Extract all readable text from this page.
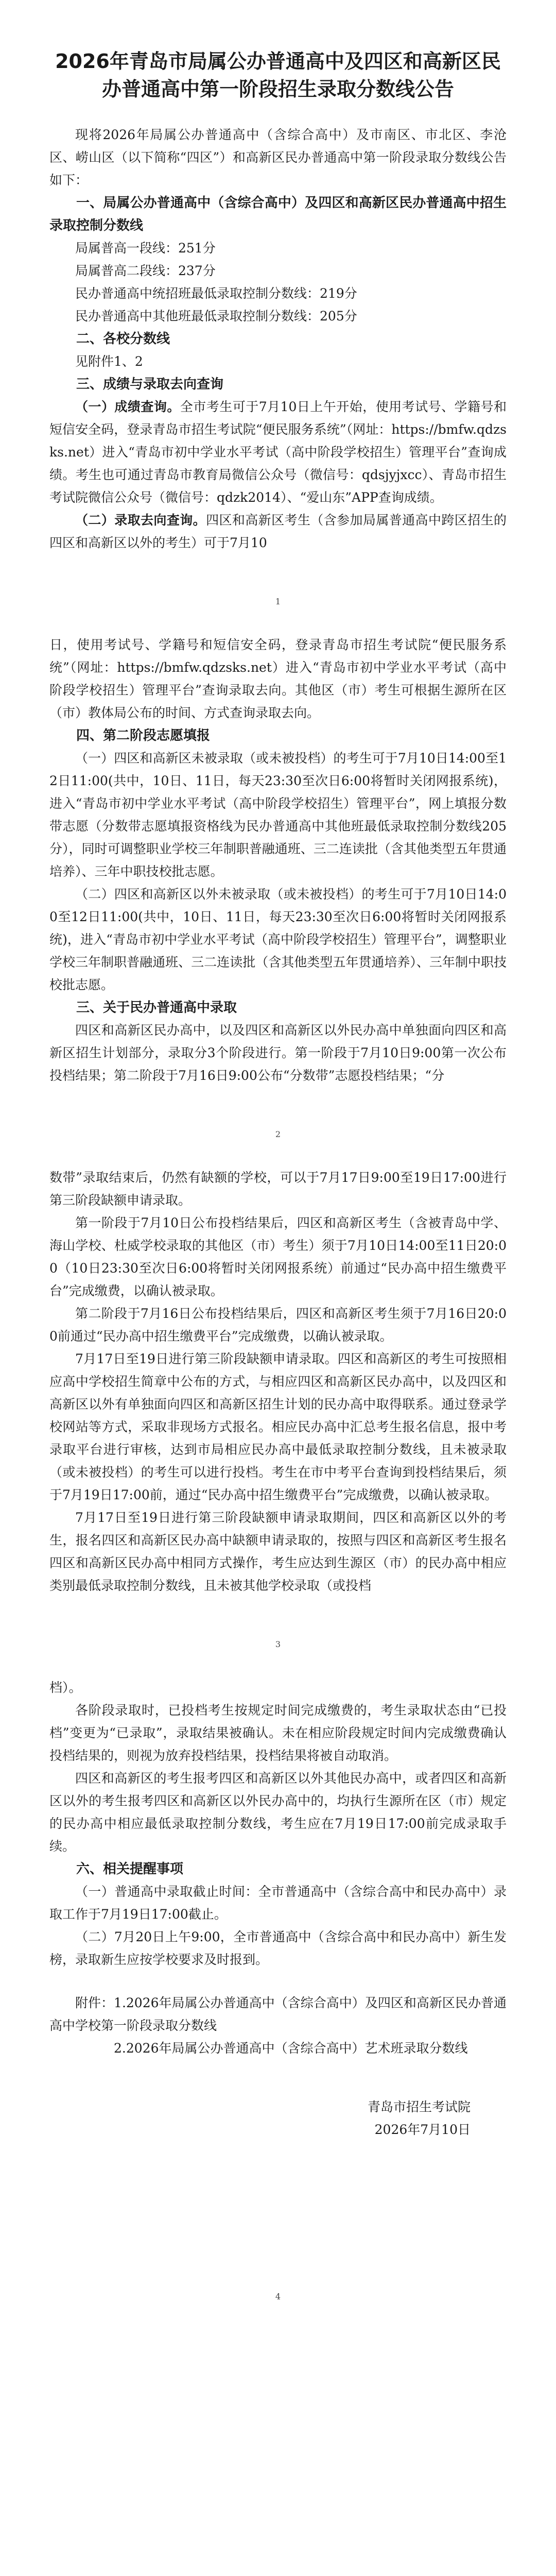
2026年青岛市局属公办普通高中及四区和高新区民办普通高中第一阶段招生录取分数线公告

现将2026年局属公办普通高中（含综合高中）及市南区、市北区、李沧区、崂山区（以下简称“四区”）和高新区民办普通高中第一阶段录取分数线公告如下：

一、局属公办普通高中（含综合高中）及四区和高新区民办普通高中招生录取控制分数线

局属普高一段线：251分

局属普高二段线：237分

民办普通高中统招班最低录取控制分数线：219分

民办普通高中其他班最低录取控制分数线：205分

二、各校分数线

见附件1、2

三、成绩与录取去向查询

（一）成绩查询。全市考生可于7月10日上午开始，使用考试号、学籍号和短信安全码，登录青岛市招生考试院“便民服务系统”（网址：https://bmfw.qdzsks.net）进入“青岛市初中学业水平考试（高中阶段学校招生）管理平台”查询成绩。考生也可通过青岛市教育局微信公众号（微信号：qdsjyjxcc）、青岛市招生考试院微信公众号（微信号：qdzk2014）、“爱山东”APP查询成绩。

（二）录取去向查询。四区和高新区考生（含参加局属普通高中跨区招生的四区和高新区以外的考生）可于7月10

1

日，使用考试号、学籍号和短信安全码，登录青岛市招生考试院“便民服务系统”（网址：https://bmfw.qdzsks.net）进入“青岛市初中学业水平考试（高中阶段学校招生）管理平台”查询录取去向。其他区（市）考生可根据生源所在区（市）教体局公布的时间、方式查询录取去向。

四、第二阶段志愿填报

（一）四区和高新区未被录取（或未被投档）的考生可于7月10日14:00至12日11:00(共中，10日、11日，每天23:30至次日6:00将暂时关闭网报系统)，进入“青岛市初中学业水平考试（高中阶段学校招生）管理平台”，网上填报分数带志愿（分数带志愿填报资格线为民办普通高中其他班最低录取控制分数线205分），同时可调整职业学校三年制职普融通班、三二连读批（含其他类型五年贯通培养）、三年中职技校批志愿。

（二）四区和高新区以外未被录取（或未被投档）的考生可于7月10日14:00至12日11:00(共中，10日、11日，每天23:30至次日6:00将暂时关闭网报系统)，进入“青岛市初中学业水平考试（高中阶段学校招生）管理平台”，调整职业学校三年制职普融通班、三二连读批（含其他类型五年贯通培养）、三年制中职技校批志愿。

三、关于民办普通高中录取

四区和高新区民办高中，以及四区和高新区以外民办高中单独面向四区和高新区招生计划部分，录取分3个阶段进行。第一阶段于7月10日9:00第一次公布投档结果；第二阶段于7月16日9:00公布“分数带”志愿投档结果；“分

2

数带”录取结束后，仍然有缺额的学校，可以于7月17日9:00至19日17:00进行第三阶段缺额申请录取。

第一阶段于7月10日公布投档结果后，四区和高新区考生（含被青岛中学、海山学校、杜威学校录取的其他区（市）考生）须于7月10日14:00至11日20:00（10日23:30至次日6:00将暂时关闭网报系统）前通过“民办高中招生缴费平台”完成缴费，以确认被录取。

第二阶段于7月16日公布投档结果后，四区和高新区考生须于7月16日20:00前通过“民办高中招生缴费平台”完成缴费，以确认被录取。

7月17日至19日进行第三阶段缺额申请录取。四区和高新区的考生可按照相应高中学校招生简章中公布的方式，与相应四区和高新区民办高中，以及四区和高新区以外有单独面向四区和高新区招生计划的民办高中取得联系。通过登录学校网站等方式，采取非现场方式报名。相应民办高中汇总考生报名信息，报中考录取平台进行审核，达到市局相应民办高中最低录取控制分数线，且未被录取（或未被投档）的考生可以进行投档。考生在市中考平台查询到投档结果后，须于7月19日17:00前，通过“民办高中招生缴费平台”完成缴费，以确认被录取。

7月17日至19日进行第三阶段缺额申请录取期间，四区和高新区以外的考生，报名四区和高新区民办高中缺额申请录取的，按照与四区和高新区考生报名四区和高新区民办高中相同方式操作，考生应达到生源区（市）的民办高中相应类别最低录取控制分数线，且未被其他学校录取（或投档

3

档）。

各阶段录取时，已投档考生按规定时间完成缴费的，考生录取状态由“已投档”变更为“已录取”，录取结果被确认。未在相应阶段规定时间内完成缴费确认投档结果的，则视为放弃投档结果，投档结果将被自动取消。

四区和高新区的考生报考四区和高新区以外其他民办高中，或者四区和高新区以外的考生报考四区和高新区以外民办高中的，均执行生源所在区（市）规定的民办高中相应最低录取控制分数线，考生应在7月19日17:00前完成录取手续。

六、相关提醒事项

（一）普通高中录取截止时间：全市普通高中（含综合高中和民办高中）录取工作于7月19日17:00截止。

（二）7月20日上午9:00，全市普通高中（含综合高中和民办高中）新生发榜，录取新生应按学校要求及时报到。

附件：1.2026年局属公办普通高中（含综合高中）及四区和高新区民办普通高中学校第一阶段录取分数线

2.2026年局属公办普通高中（含综合高中）艺术班录取分数线

青岛市招生考试院

2026年7月10日

4
